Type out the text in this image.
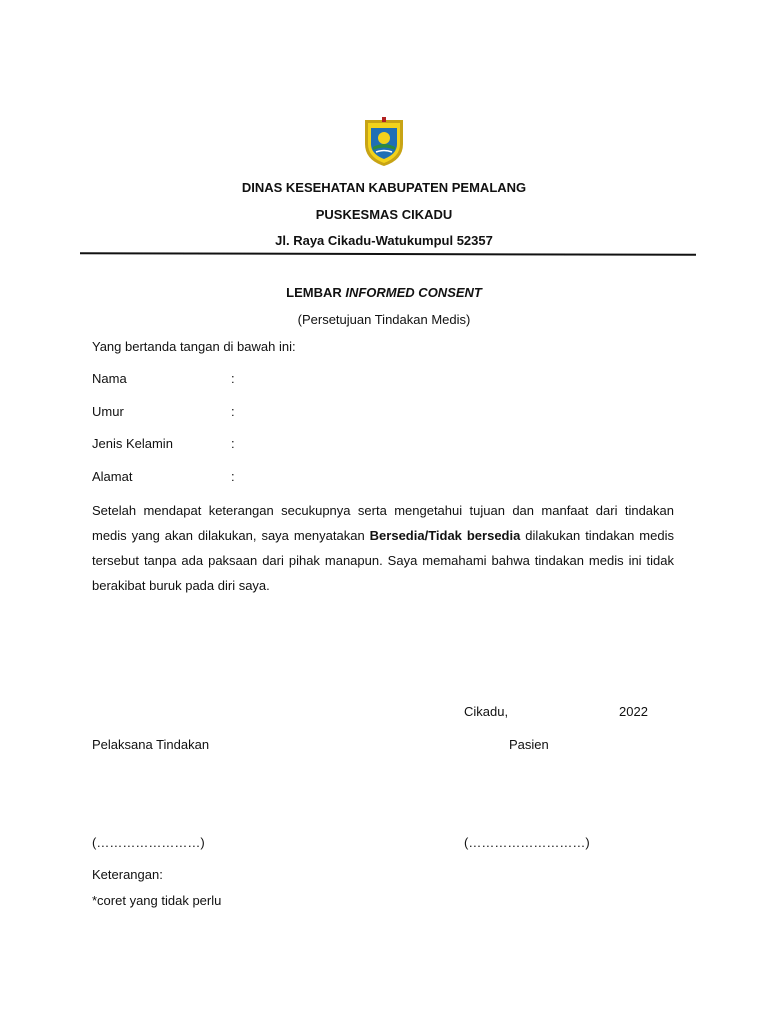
DINAS KESEHATAN KABUPATEN PEMALANG
PUSKESMAS CIKADU
Jl. Raya Cikadu-Watukumpul 52357
LEMBAR INFORMED CONSENT
(Persetujuan Tindakan Medis)
Yang bertanda tangan di bawah ini:
Nama	:
Umur	:
Jenis Kelamin	:
Alamat	:
Setelah mendapat keterangan secukupnya serta mengetahui tujuan dan manfaat dari tindakan medis yang akan dilakukan, saya menyatakan Bersedia/Tidak bersedia dilakukan tindakan medis tersebut tanpa ada paksaan dari pihak manapun. Saya memahami bahwa tindakan medis ini tidak berakibat buruk pada diri saya.
Cikadu,	2022
Pelaksana Tindakan	Pasien
(……………………)	(………………………)
Keterangan:
*coret yang tidak perlu
